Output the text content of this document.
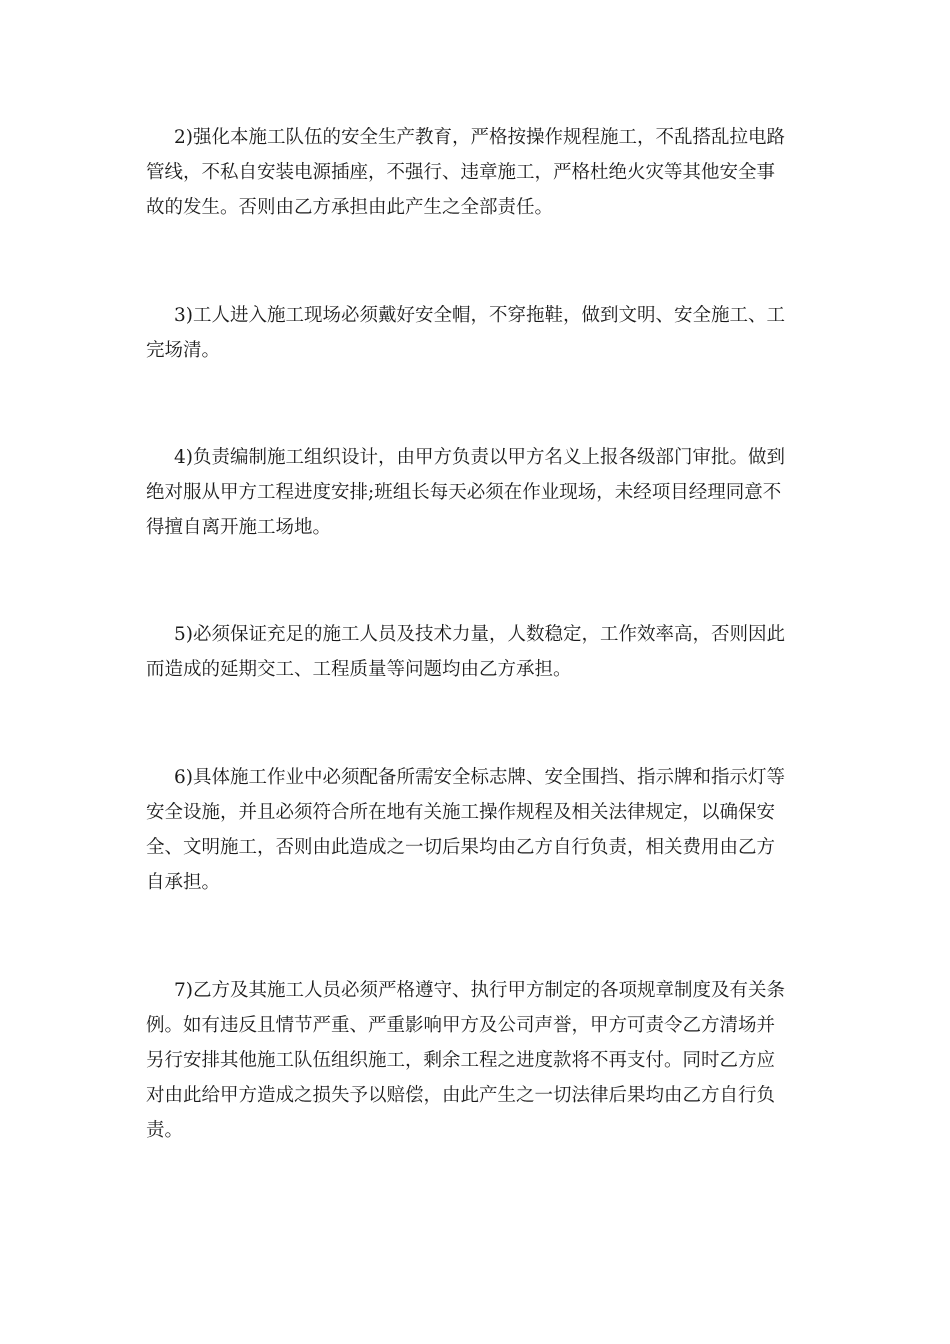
2)强化本施工队伍的安全生产教育，严格按操作规程施工，不乱搭乱拉电路
管线，不私自安装电源插座，不强行、违章施工，严格杜绝火灾等其他安全事
故的发生。否则由乙方承担由此产生之全部责任。
3)工人进入施工现场必须戴好安全帽，不穿拖鞋，做到文明、安全施工、工
完场清。
4)负责编制施工组织设计，由甲方负责以甲方名义上报各级部门审批。做到
绝对服从甲方工程进度安排;班组长每天必须在作业现场，未经项目经理同意不
得擅自离开施工场地。
5)必须保证充足的施工人员及技术力量，人数稳定，工作效率高，否则因此
而造成的延期交工、工程质量等问题均由乙方承担。
6)具体施工作业中必须配备所需安全标志牌、安全围挡、指示牌和指示灯等
安全设施，并且必须符合所在地有关施工操作规程及相关法律规定，以确保安
全、文明施工，否则由此造成之一切后果均由乙方自行负责，相关费用由乙方
自承担。
7)乙方及其施工人员必须严格遵守、执行甲方制定的各项规章制度及有关条
例。如有违反且情节严重、严重影响甲方及公司声誉，甲方可责令乙方清场并
另行安排其他施工队伍组织施工，剩余工程之进度款将不再支付。同时乙方应
对由此给甲方造成之损失予以赔偿，由此产生之一切法律后果均由乙方自行负
责。
